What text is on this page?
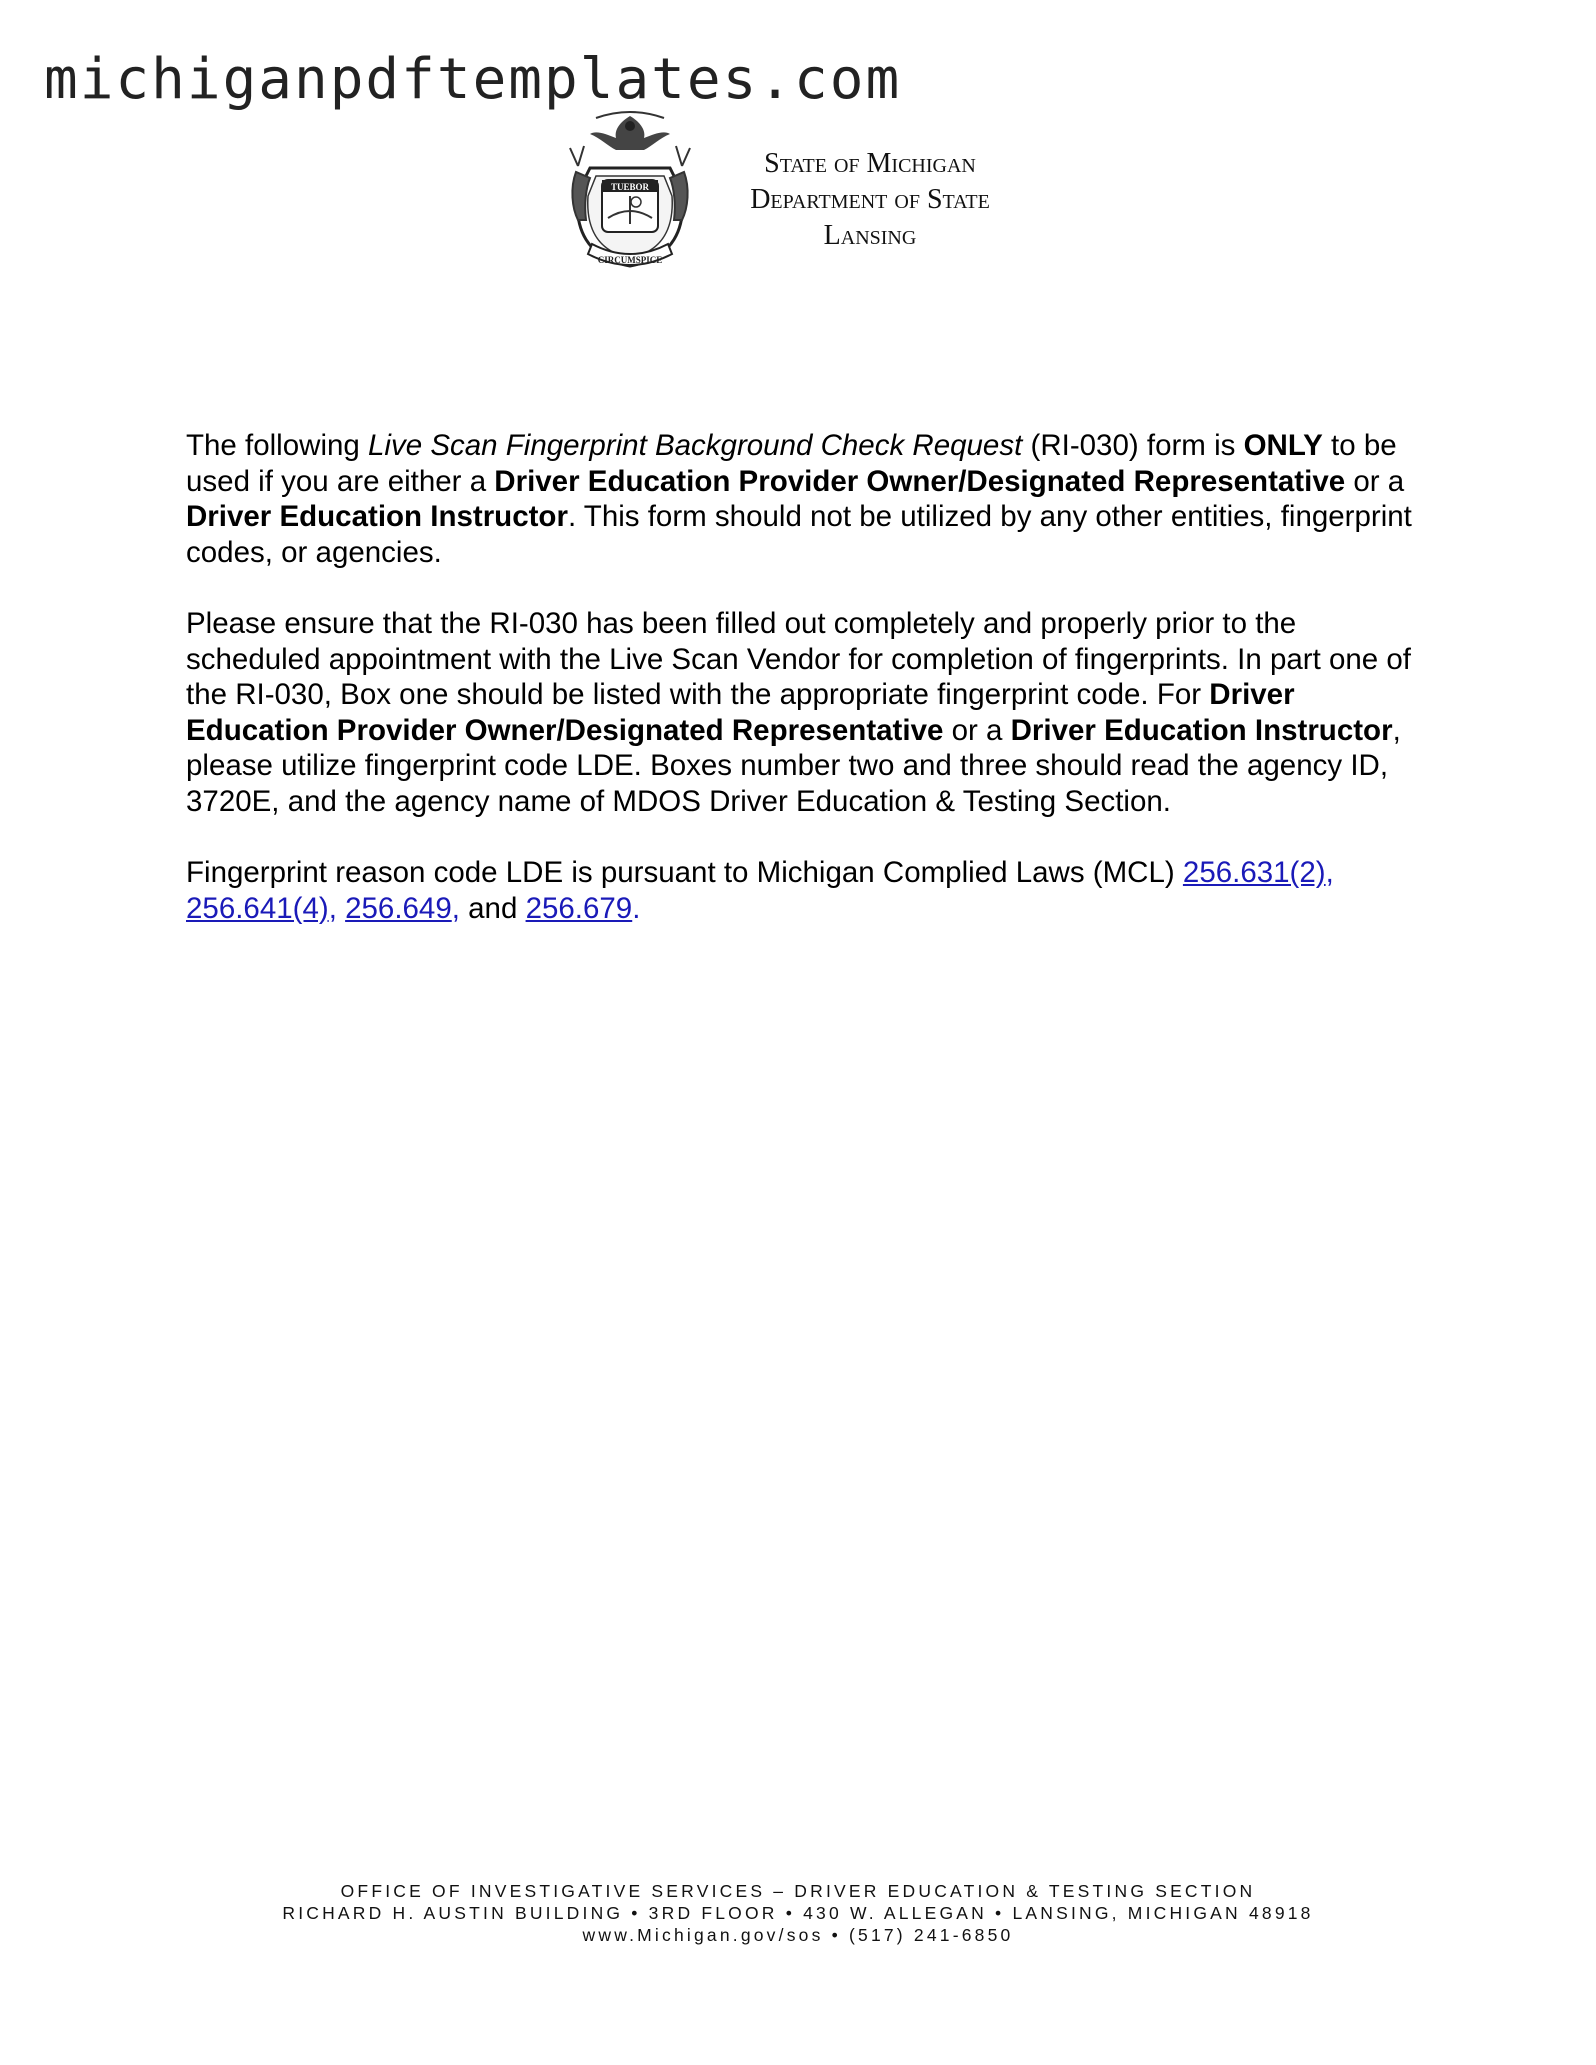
michiganpdftemplates.com
TUEBOR
CIRCUMSPICE
State of Michigan
Department of State
Lansing

The following Live Scan Fingerprint Background Check Request (RI-030) form is ONLY to be used if you are either a Driver Education Provider Owner/Designated Representative or a Driver Education Instructor. This form should not be utilized by any other entities, fingerprint codes, or agencies.

Please ensure that the RI-030 has been filled out completely and properly prior to the scheduled appointment with the Live Scan Vendor for completion of fingerprints. In part one of the RI-030, Box one should be listed with the appropriate fingerprint code. For Driver Education Provider Owner/Designated Representative or a Driver Education Instructor, please utilize fingerprint code LDE. Boxes number two and three should read the agency ID, 3720E, and the agency name of MDOS Driver Education & Testing Section.

Fingerprint reason code LDE is pursuant to Michigan Complied Laws (MCL) 256.631(2), 256.641(4), 256.649, and 256.679.

OFFICE OF INVESTIGATIVE SERVICES – DRIVER EDUCATION & TESTING SECTION
RICHARD H. AUSTIN BUILDING • 3RD FLOOR • 430 W. ALLEGAN • LANSING, MICHIGAN 48918
www.Michigan.gov/sos • (517) 241-6850
